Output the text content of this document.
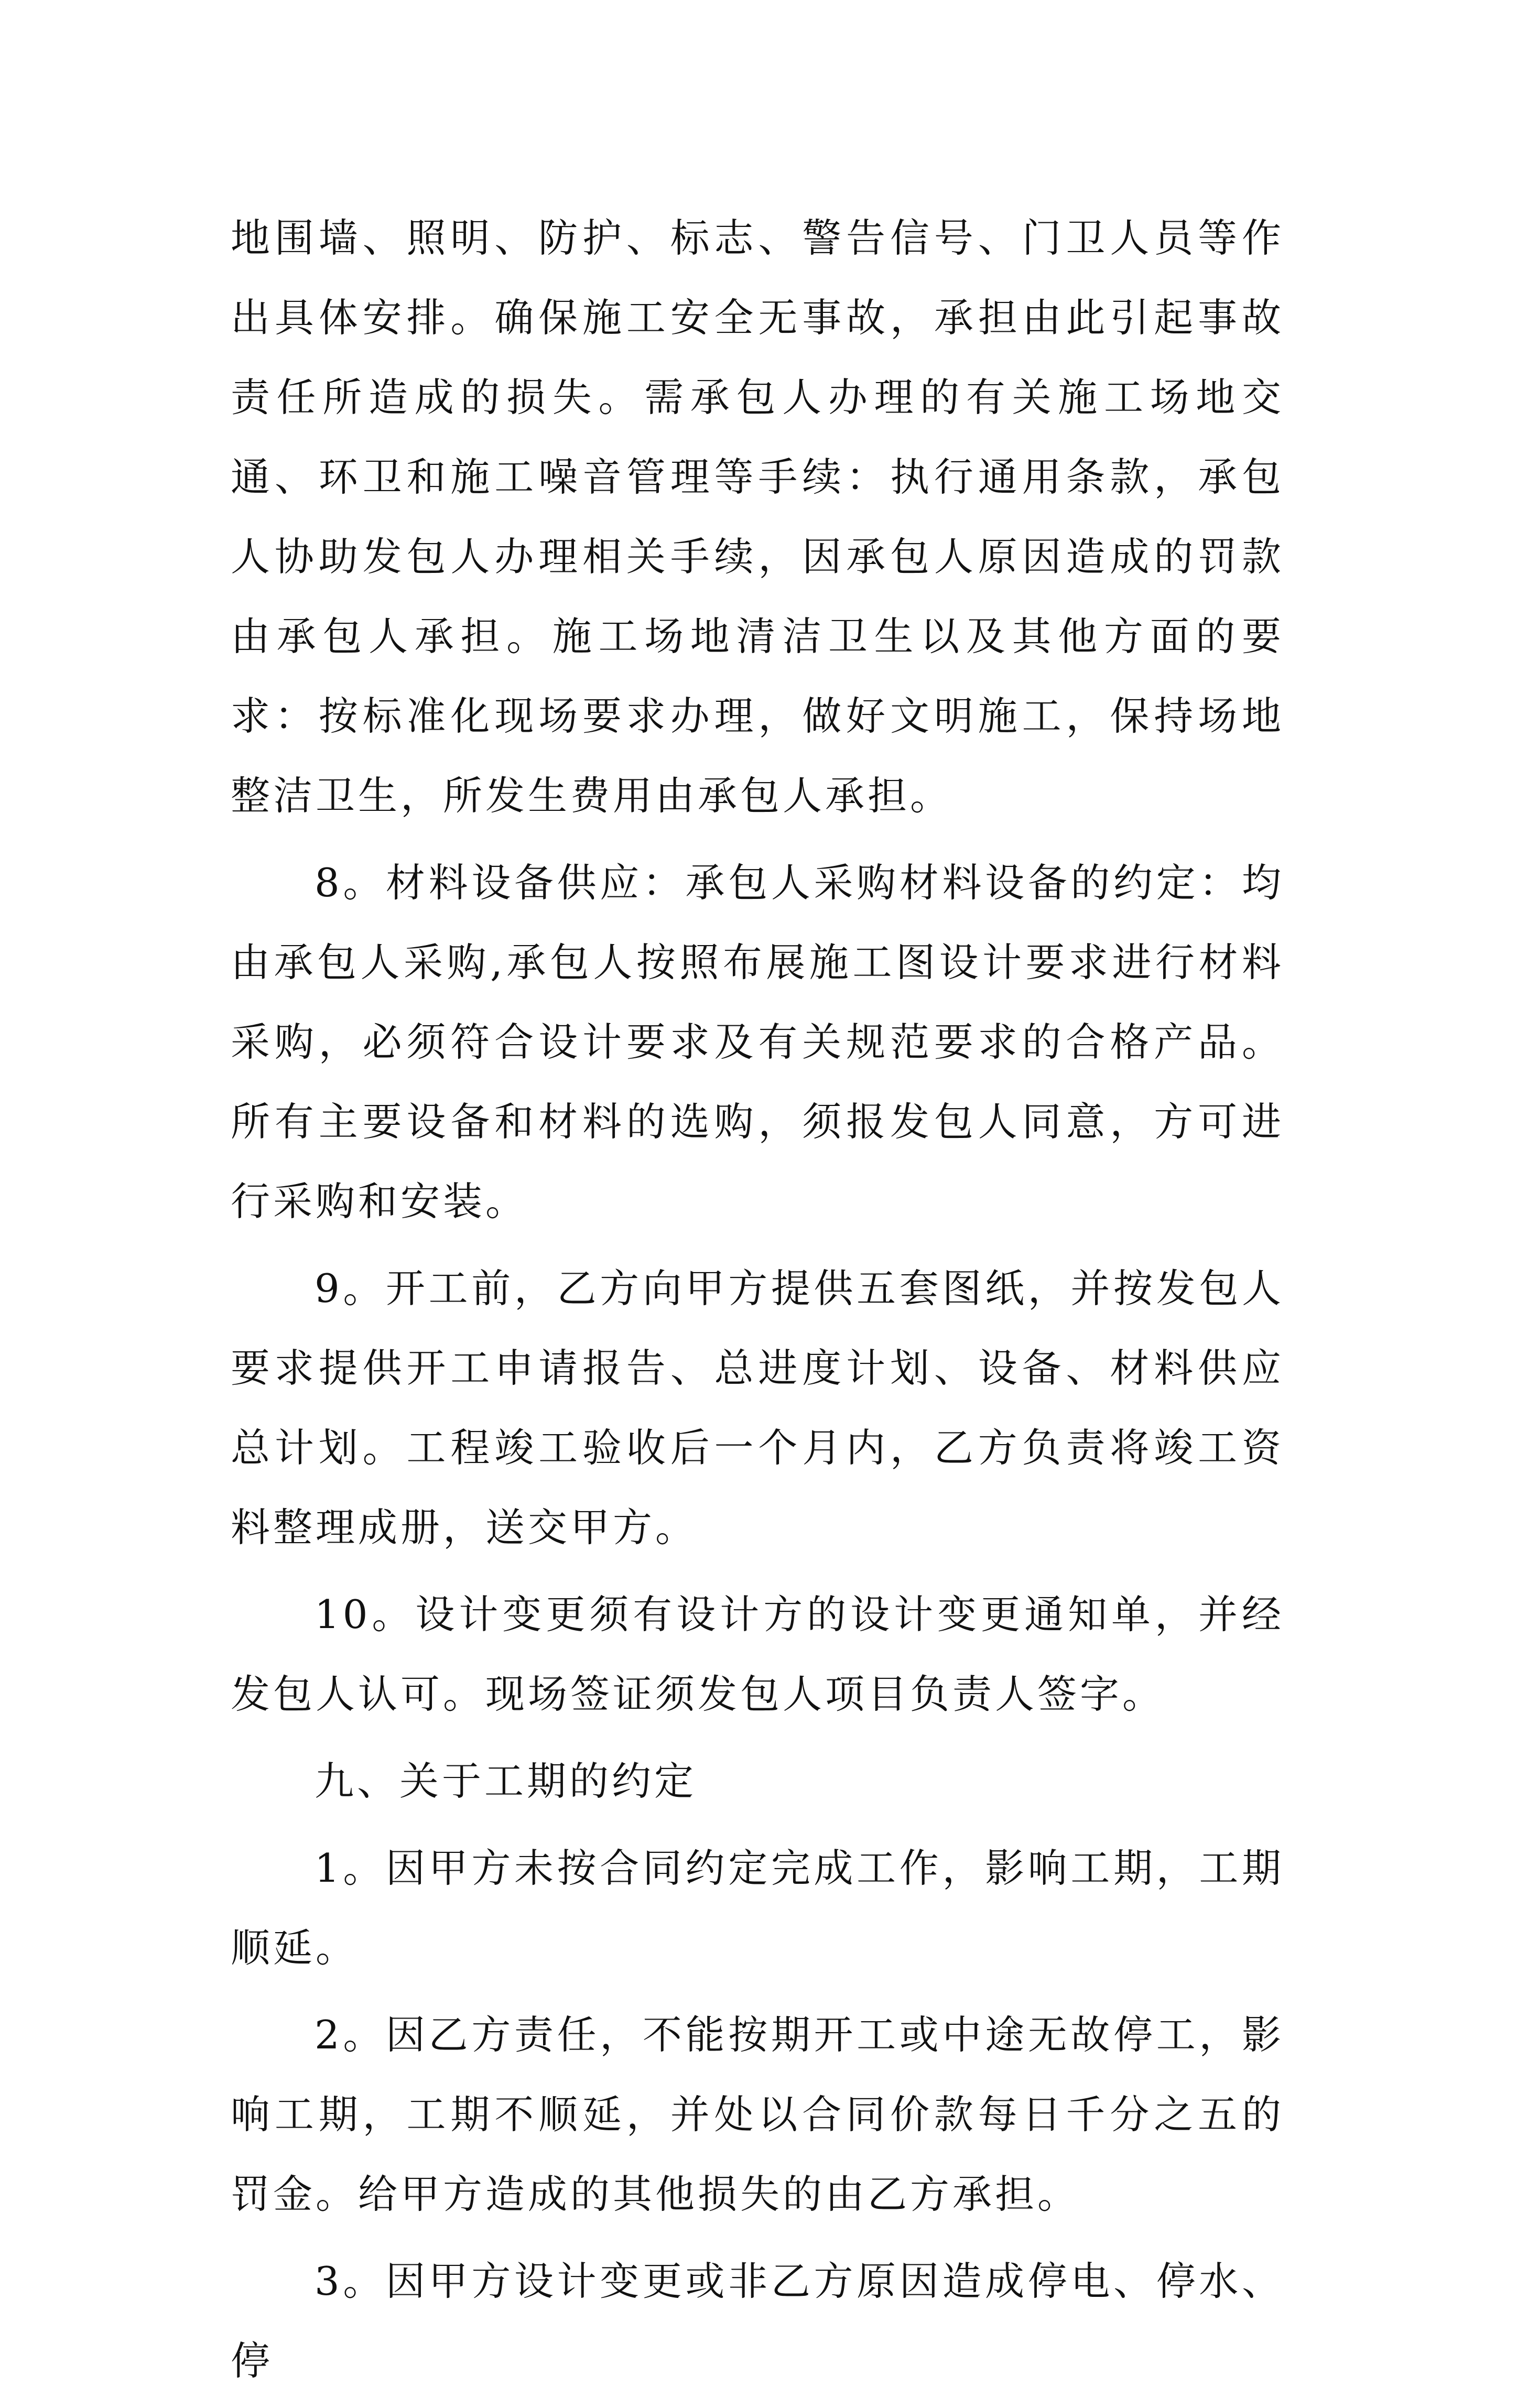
地围墙、照明、防护、标志、警告信号、门卫人员等作出具体安排。确保施工安全无事故，承担由此引起事故责任所造成的损失。需承包人办理的有关施工场地交通、环卫和施工噪音管理等手续：执行通用条款，承包人协助发包人办理相关手续，因承包人原因造成的罚款由承包人承担。施工场地清洁卫生以及其他方面的要求：按标准化现场要求办理，做好文明施工，保持场地整洁卫生，所发生费用由承包人承担。

8。材料设备供应：承包人采购材料设备的约定：均由承包人采购,承包人按照布展施工图设计要求进行材料采购，必须符合设计要求及有关规范要求的合格产品。所有主要设备和材料的选购，须报发包人同意，方可进行采购和安装。

9。开工前，乙方向甲方提供五套图纸，并按发包人要求提供开工申请报告、总进度计划、设备、材料供应总计划。工程竣工验收后一个月内，乙方负责将竣工资料整理成册，送交甲方。

10。设计变更须有设计方的设计变更通知单，并经发包人认可。现场签证须发包人项目负责人签字。

九、关于工期的约定

1。因甲方未按合同约定完成工作，影响工期，工期顺延。

2。因乙方责任，不能按期开工或中途无故停工，影响工期，工期不顺延，并处以合同价款每日千分之五的罚金。给甲方造成的其他损失的由乙方承担。

3。因甲方设计变更或非乙方原因造成停电、停水、停
